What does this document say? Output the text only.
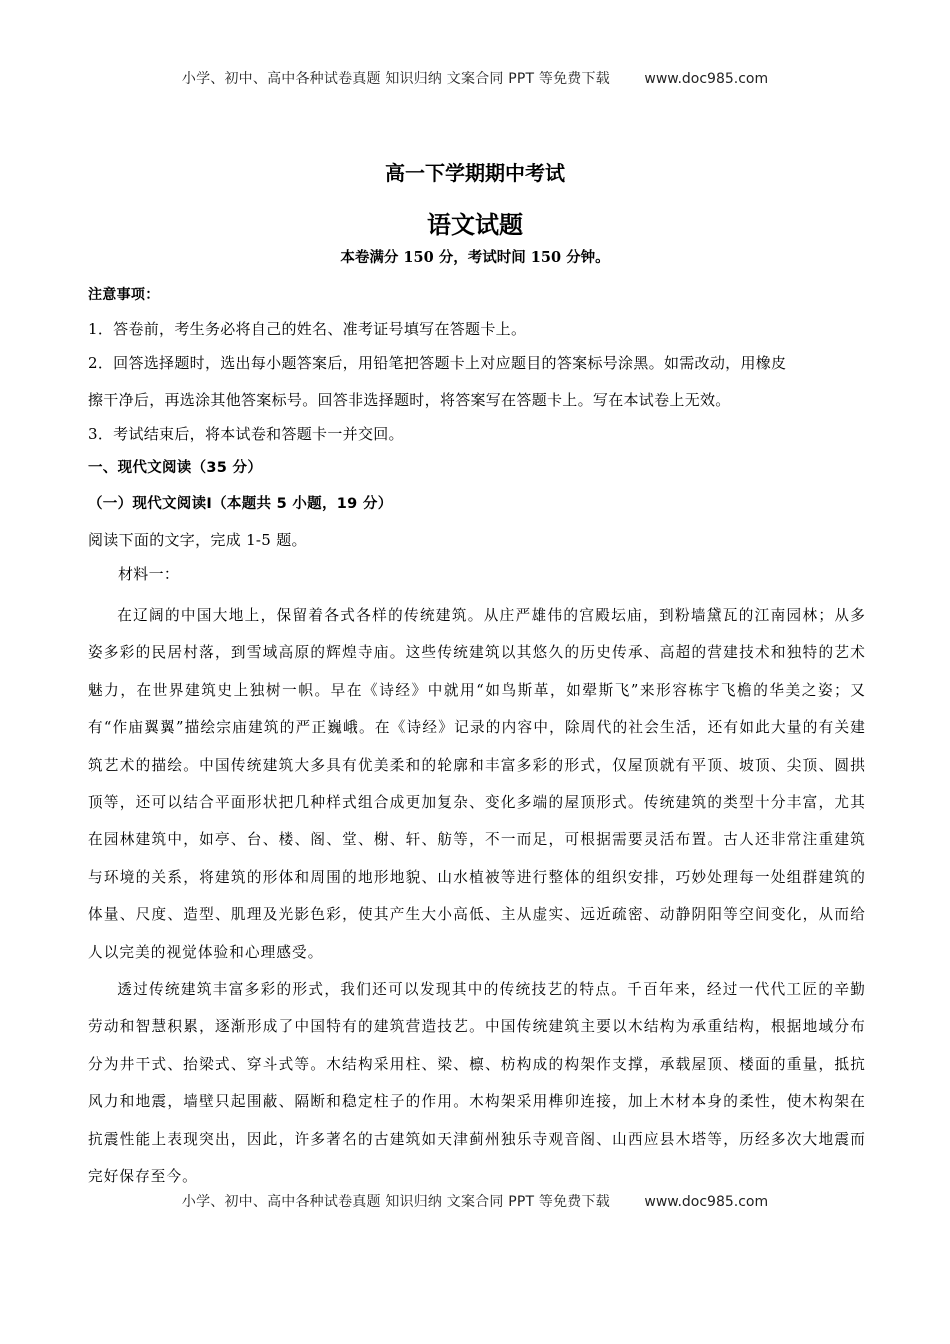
小学、初中、高中各种试卷真题 知识归纳 文案合同 PPT 等免费下载 www.doc985.com
高一下学期期中考试
语文试题
本卷满分 150 分，考试时间 150 分钟。
注意事项：
1．答卷前，考生务必将自己的姓名、准考证号填写在答题卡上。
2．回答选择题时，选出每小题答案后，用铅笔把答题卡上对应题目的答案标号涂黑。如需改动，用橡皮
擦干净后，再选涂其他答案标号。回答非选择题时，将答案写在答题卡上。写在本试卷上无效。
3．考试结束后，将本试卷和答题卡一并交回。
一、现代文阅读（35 分）
（一）现代文阅读Ⅰ（本题共 5 小题，19 分）
阅读下面的文字，完成 1-5 题。
材料一：

在辽阔的中国大地上，保留着各式各样的传统建筑。从庄严雄伟的宫殿坛庙，到粉墙黛瓦的江南园林；从多姿多彩的民居村落，到雪域高原的辉煌寺庙。这些传统建筑以其悠久的历史传承、高超的营建技术和独特的艺术魅力，在世界建筑史上独树一帜。早在《诗经》中就用“如鸟斯革，如翚斯飞”来形容栋宇飞檐的华美之姿；又有“作庙翼翼”描绘宗庙建筑的严正巍峨。在《诗经》记录的内容中，除周代的社会生活，还有如此大量的有关建筑艺术的描绘。中国传统建筑大多具有优美柔和的轮廓和丰富多彩的形式，仅屋顶就有平顶、坡顶、尖顶、圆拱顶等，还可以结合平面形状把几种样式组合成更加复杂、变化多端的屋顶形式。传统建筑的类型十分丰富，尤其在园林建筑中，如亭、台、楼、阁、堂、榭、轩、舫等，不一而足，可根据需要灵活布置。古人还非常注重建筑与环境的关系，将建筑的形体和周围的地形地貌、山水植被等进行整体的组织安排，巧妙处理每一处组群建筑的体量、尺度、造型、肌理及光影色彩，使其产生大小高低、主从虚实、远近疏密、动静阴阳等空间变化，从而给人以完美的视觉体验和心理感受。

透过传统建筑丰富多彩的形式，我们还可以发现其中的传统技艺的特点。千百年来，经过一代代工匠的辛勤劳动和智慧积累，逐渐形成了中国特有的建筑营造技艺。中国传统建筑主要以木结构为承重结构，根据地域分布分为井干式、抬梁式、穿斗式等。木结构采用柱、梁、檩、枋构成的构架作支撑，承载屋顶、楼面的重量，抵抗风力和地震，墙壁只起围蔽、隔断和稳定柱子的作用。木构架采用榫卯连接，加上木材本身的柔性，使木构架在抗震性能上表现突出，因此，许多著名的古建筑如天津蓟州独乐寺观音阁、山西应县木塔等，历经多次大地震而完好保存至今。

小学、初中、高中各种试卷真题 知识归纳 文案合同 PPT 等免费下载 www.doc985.com
